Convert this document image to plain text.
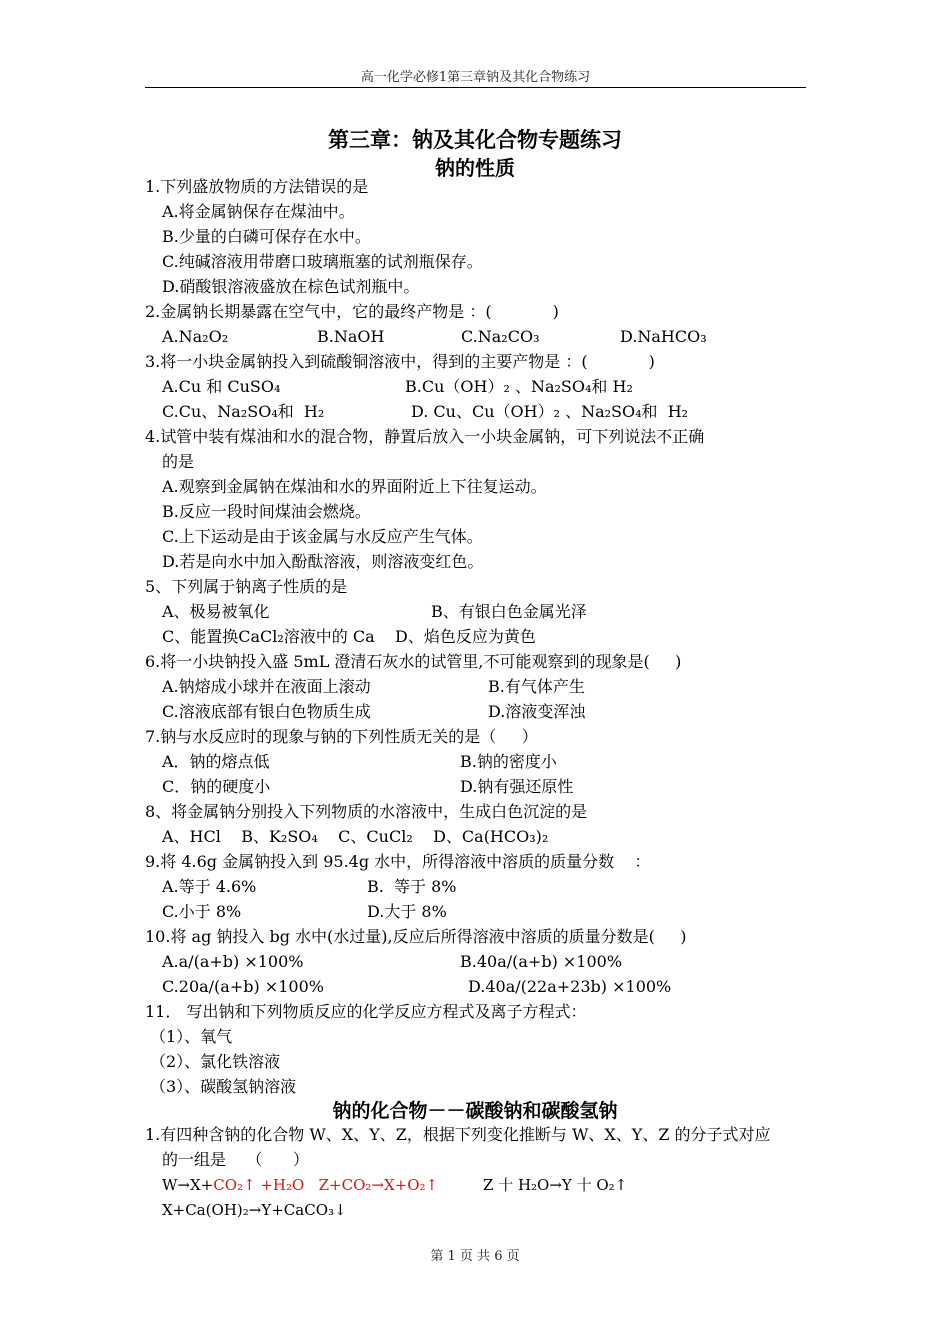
高一化学必修1第三章钠及其化合物练习
第三章：钠及其化合物专题练习
钠的性质
1.下列盛放物质的方法错误的是
A.将金属钠保存在煤油中。
B.少量的白磷可保存在水中。
C.纯碱溶液用带磨口玻璃瓶塞的试剂瓶保存。
D.硝酸银溶液盛放在棕色试剂瓶中。
2.金属钠长期暴露在空气中，它的最终产物是 ：(            )
A.Na₂O₂	B.NaOH	C.Na₂CO₃	D.NaHCO₃
3.将一小块金属钠投入到硫酸铜溶液中，得到的主要产物是 ：(            )
A.Cu 和 CuSO₄	B.Cu（OH）₂ 、Na₂SO₄和 H₂
C.Cu、Na₂SO₄和  H₂	D. Cu、Cu（OH）₂ 、Na₂SO₄和  H₂
4.试管中装有煤油和水的混合物，静置后放入一小块金属钠，可下列说法不正确
的是
A.观察到金属钠在煤油和水的界面附近上下往复运动。
B.反应一段时间煤油会燃烧。
C.上下运动是由于该金属与水反应产生气体。
D.若是向水中加入酚酞溶液，则溶液变红色。
5、下列属于钠离子性质的是
A、极易被氧化	B、有银白色金属光泽
C、能置换CaCl₂溶液中的 Ca    D、焰色反应为黄色
6.将一小块钠投入盛 5mL 澄清石灰水的试管里,不可能观察到的现象是(     )
A.钠熔成小球并在液面上滚动	B.有气体产生
C.溶液底部有银白色物质生成	D.溶液变浑浊
7.钠与水反应时的现象与钠的下列性质无关的是（     ）
A．钠的熔点低	B.钠的密度小
C．钠的硬度小	D.钠有强还原性
8、将金属钠分别投入下列物质的水溶液中，生成白色沉淀的是
A、HCl    B、K₂SO₄    C、CuCl₂    D、Ca(HCO₃)₂
9.将 4.6g 金属钠投入到 95.4g 水中，所得溶液中溶质的质量分数    ：
A.等于 4.6%	B.  等于 8%
C.小于 8%	D.大于 8%
10.将 ag 钠投入 bg 水中(水过量),反应后所得溶液中溶质的质量分数是(     )
A.a/(a+b) ×100%	B.40a/(a+b) ×100%
C.20a/(a+b) ×100%	D.40a/(22a+23b) ×100%
11． 写出钠和下列物质反应的化学反应方程式及离子方程式：
（1）、氧气
（2）、氯化铁溶液
（3）、碳酸氢钠溶液
钠的化合物－－碳酸钠和碳酸氢钠
1.有四种含钠的化合物 W、X、Y、Z，根据下列变化推断与 W、X、Y、Z 的分子式对应
的一组是    （      ）
W→X+CO₂↑ +H₂O   Z+CO₂→X+O₂↑	Z 十 H₂O→Y 十 O₂↑
X+Ca(OH)₂→Y+CaCO₃↓
第 1 页 共 6 页
